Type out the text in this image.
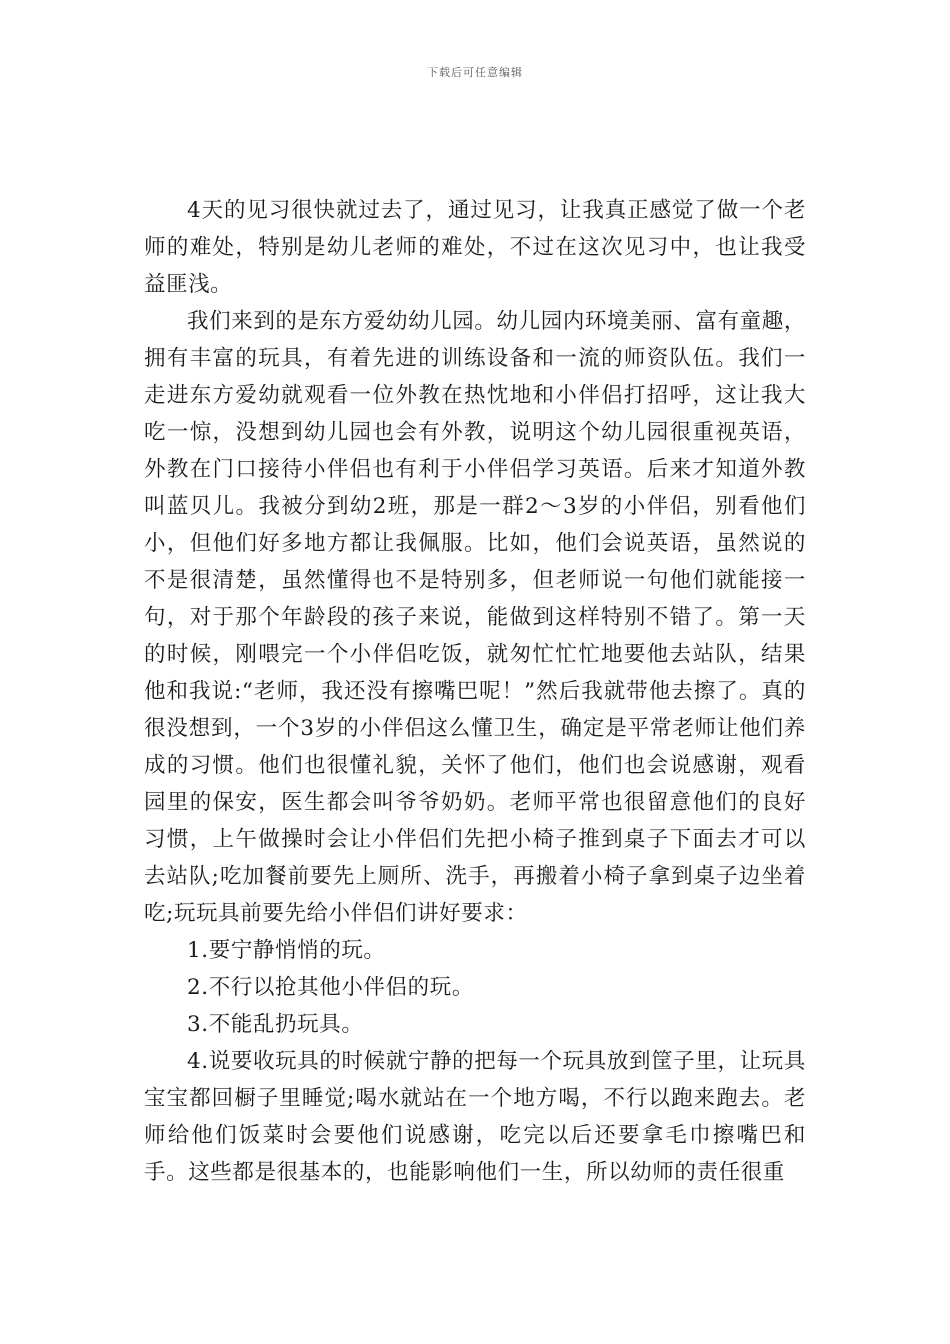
下载后可任意编辑

4天的见习很快就过去了，通过见习，让我真正感觉了做一个老师的难处，特别是幼儿老师的难处，不过在这次见习中，也让我受益匪浅。

我们来到的是东方爱幼幼儿园。幼儿园内环境美丽、富有童趣，拥有丰富的玩具，有着先进的训练设备和一流的师资队伍。我们一走进东方爱幼就观看一位外教在热忱地和小伴侣打招呼，这让我大吃一惊，没想到幼儿园也会有外教，说明这个幼儿园很重视英语，外教在门口接待小伴侣也有利于小伴侣学习英语。后来才知道外教叫蓝贝儿。我被分到幼2班，那是一群2～3岁的小伴侣，别看他们小，但他们好多地方都让我佩服。比如，他们会说英语，虽然说的不是很清楚，虽然懂得也不是特别多，但老师说一句他们就能接一句，对于那个年龄段的孩子来说，能做到这样特别不错了。第一天的时候，刚喂完一个小伴侣吃饭，就匆忙忙忙地要他去站队，结果他和我说:“老师，我还没有擦嘴巴呢！”然后我就带他去擦了。真的很没想到，一个3岁的小伴侣这么懂卫生，确定是平常老师让他们养成的习惯。他们也很懂礼貌，关怀了他们，他们也会说感谢，观看园里的保安，医生都会叫爷爷奶奶。老师平常也很留意他们的良好习惯，上午做操时会让小伴侣们先把小椅子推到桌子下面去才可以去站队;吃加餐前要先上厕所、洗手，再搬着小椅子拿到桌子边坐着吃;玩玩具前要先给小伴侣们讲好要求：

1.要宁静悄悄的玩。

2.不行以抢其他小伴侣的玩。

3.不能乱扔玩具。

4.说要收玩具的时候就宁静的把每一个玩具放到筐子里，让玩具宝宝都回橱子里睡觉;喝水就站在一个地方喝，不行以跑来跑去。老师给他们饭菜时会要他们说感谢，吃完以后还要拿毛巾擦嘴巴和手。这些都是很基本的，也能影响他们一生，所以幼师的责任很重
